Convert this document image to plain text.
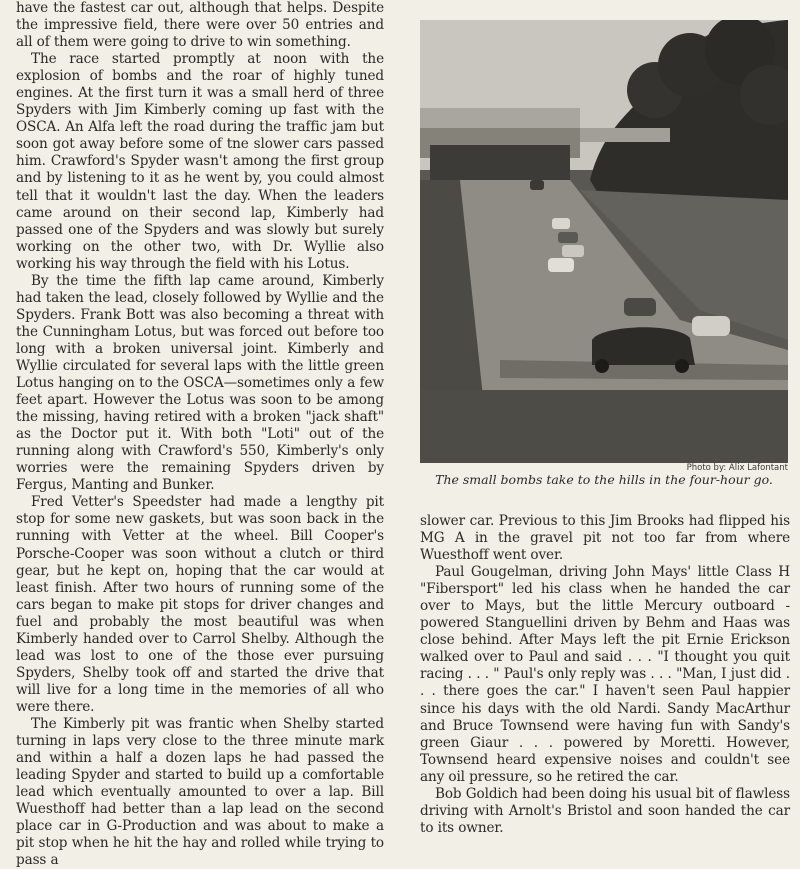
have the fastest car out, although that helps. Despite the impressive field, there were over 50 entries and all of them were going to drive to win something.

The race started promptly at noon with the explosion of bombs and the roar of highly tuned engines. At the first turn it was a small herd of three Spyders with Jim Kimberly coming up fast with the OSCA. An Alfa left the road during the traffic jam but soon got away before some of tne slower cars passed him. Crawford's Spyder wasn't among the first group and by listening to it as he went by, you could almost tell that it wouldn't last the day. When the leaders came around on their second lap, Kimberly had passed one of the Spyders and was slowly but surely working on the other two, with Dr. Wyllie also working his way through the field with his Lotus.

By the time the fifth lap came around, Kimberly had taken the lead, closely followed by Wyllie and the Spyders. Frank Bott was also becoming a threat with the Cunningham Lotus, but was forced out before too long with a broken universal joint. Kimberly and Wyllie circulated for several laps with the little green Lotus hanging on to the OSCA—sometimes only a few feet apart. However the Lotus was soon to be among the missing, having retired with a broken "jack shaft" as the Doctor put it. With both "Loti" out of the running along with Crawford's 550, Kimberly's only worries were the remaining Spyders driven by Fergus, Manting and Bunker.

Fred Vetter's Speedster had made a lengthy pit stop for some new gaskets, but was soon back in the running with Vetter at the wheel. Bill Cooper's Porsche-Cooper was soon without a clutch or third gear, but he kept on, hoping that the car would at least finish. After two hours of running some of the cars began to make pit stops for driver changes and fuel and probably the most beautiful was when Kimberly handed over to Carrol Shelby. Although the lead was lost to one of the those ever pursuing Spyders, Shelby took off and started the drive that will live for a long time in the memories of all who were there.

The Kimberly pit was frantic when Shelby started turning in laps very close to the three minute mark and within a half a dozen laps he had passed the leading Spyder and started to build up a comfortable lead which eventually amounted to over a lap. Bill Wuesthoff had better than a lap lead on the second place car in G-Production and was about to make a pit stop when he hit the hay and rolled while trying to pass a

Photo by: Alix Lafontant
The small bombs take to the hills in the four-hour go.

slower car. Previous to this Jim Brooks had flipped his MG A in the gravel pit not too far from where Wuesthoff went over.

Paul Gougelman, driving John Mays' little Class H "Fibersport" led his class when he handed the car over to Mays, but the little Mercury outboard - powered Stanguellini driven by Behm and Haas was close behind. After Mays left the pit Ernie Erickson walked over to Paul and said . . . "I thought you quit racing . . . " Paul's only reply was . . . "Man, I just did . . . there goes the car." I haven't seen Paul happier since his days with the old Nardi. Sandy MacArthur and Bruce Townsend were having fun with Sandy's green Giaur . . . powered by Moretti. However, Townsend heard expensive noises and couldn't see any oil pressure, so he retired the car.

Bob Goldich had been doing his usual bit of flawless driving with Arnolt's Bristol and soon handed the car to its owner.
